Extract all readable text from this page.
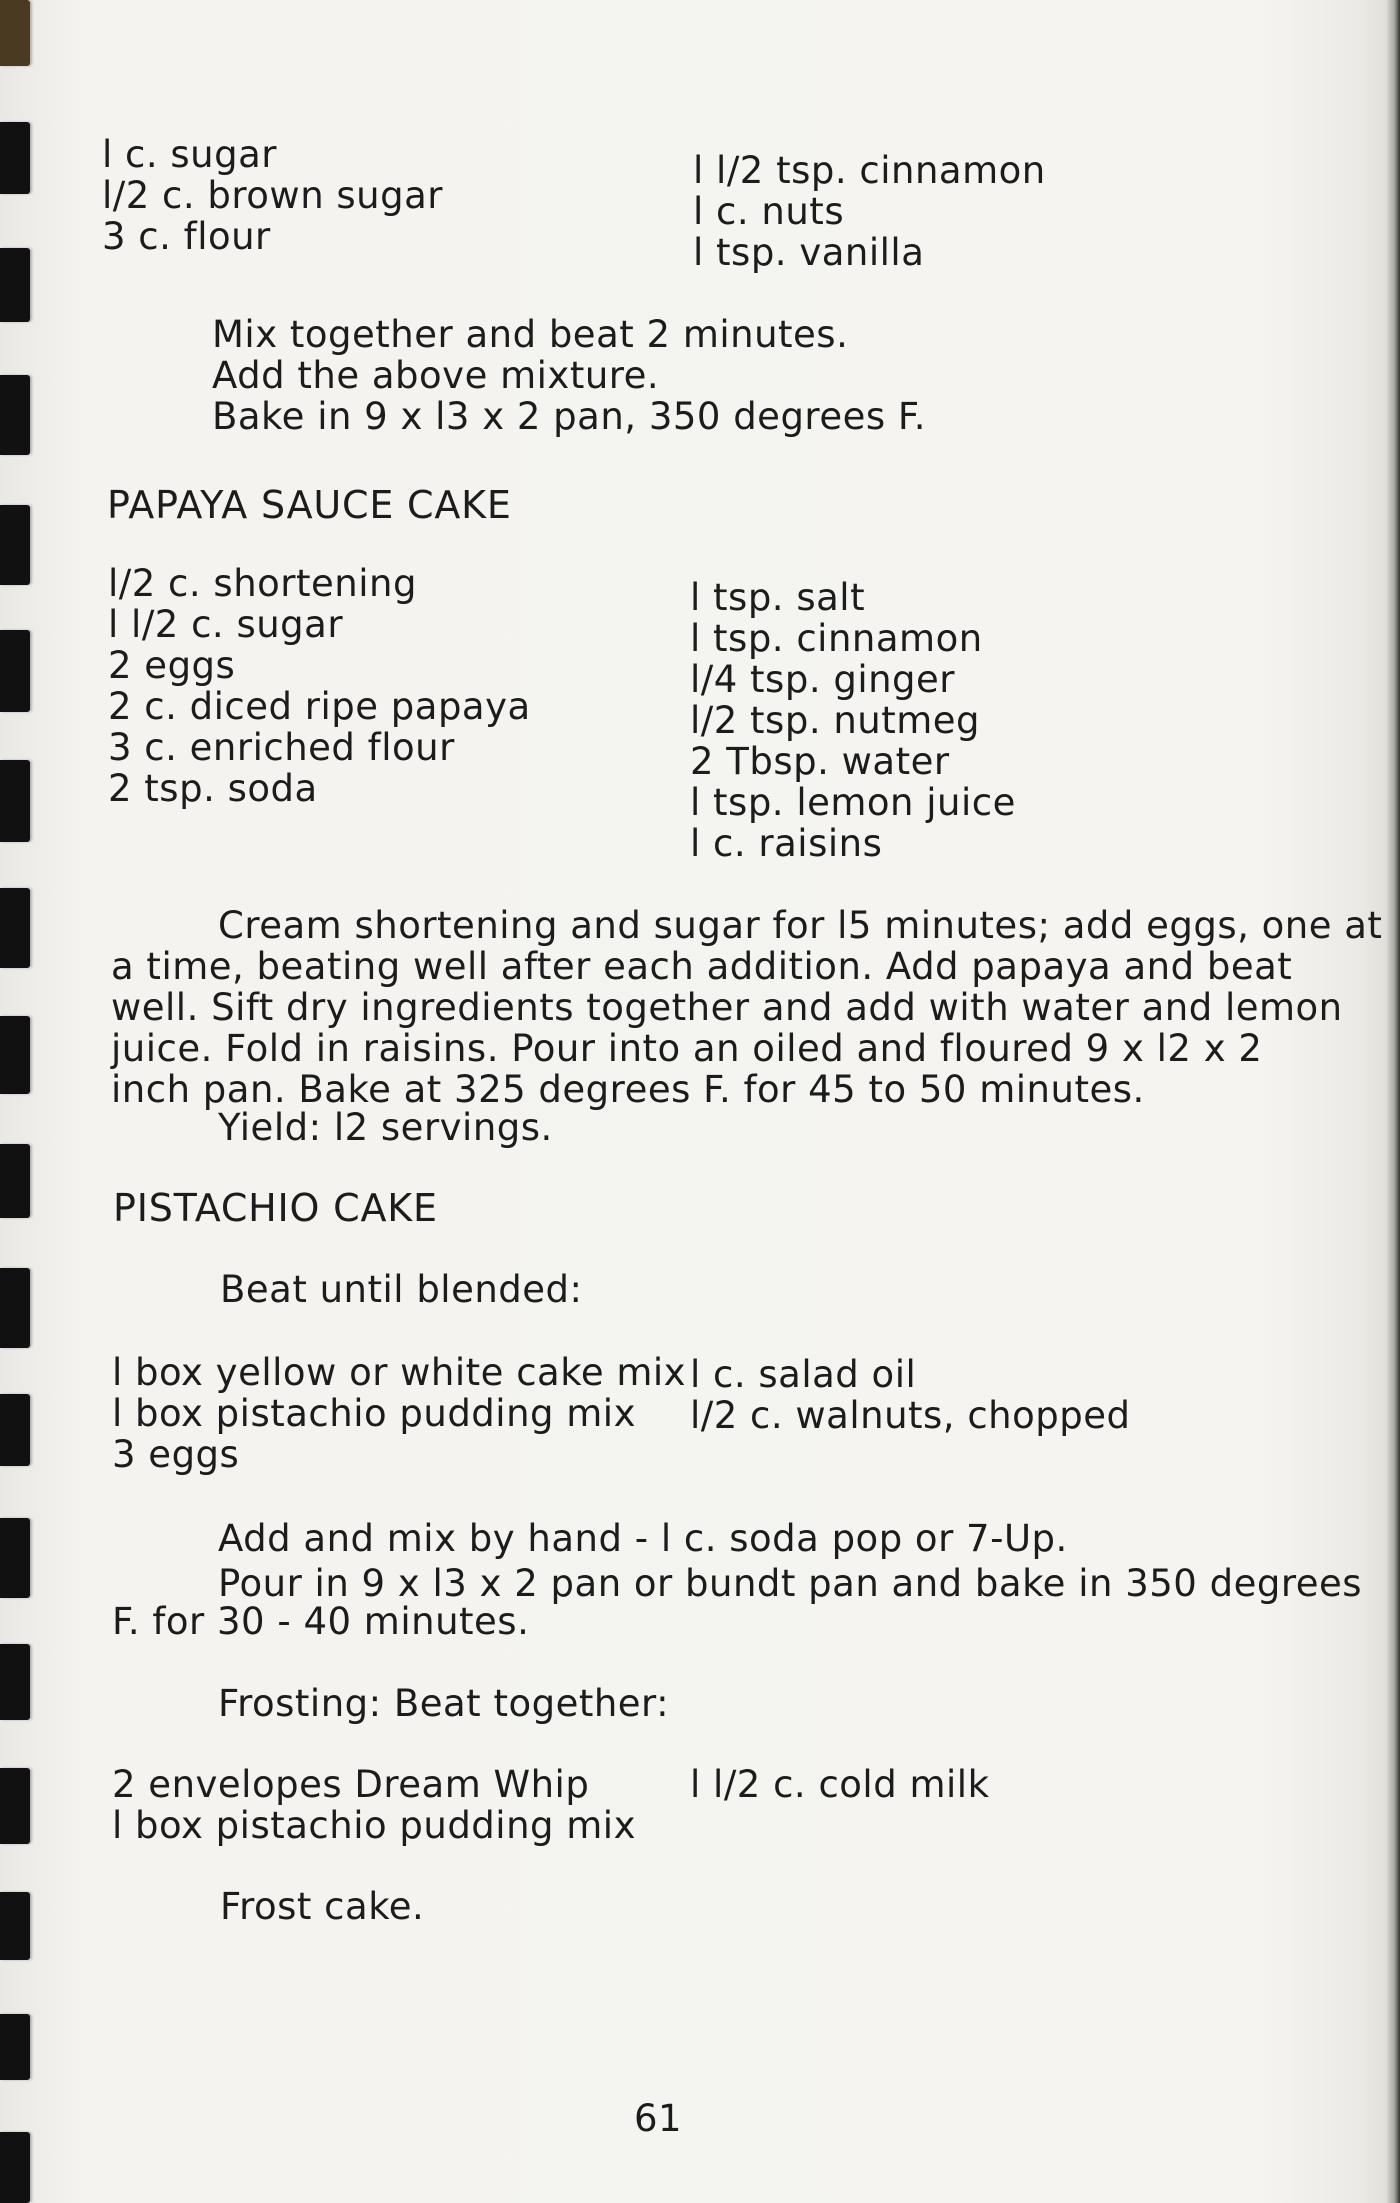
l c. sugar
l/2 c. brown sugar
3 c. flour
l l/2 tsp. cinnamon
l c. nuts
l tsp. vanilla
Mix together and beat 2 minutes.
Add the above mixture.
Bake in 9 x l3 x 2 pan, 350 degrees F.
PAPAYA SAUCE CAKE
l/2 c. shortening
l l/2 c. sugar
2 eggs
2 c. diced ripe papaya
3 c. enriched flour
2 tsp. soda
l tsp. salt
l tsp. cinnamon
l/4 tsp. ginger
l/2 tsp. nutmeg
2 Tbsp. water
l tsp. lemon juice
l c. raisins
Cream shortening and sugar for l5 minutes; add eggs, one at
a time, beating well after each addition. Add papaya and beat
well. Sift dry ingredients together and add with water and lemon
juice. Fold in raisins. Pour into an oiled and floured 9 x l2 x 2
inch pan. Bake at 325 degrees F. for 45 to 50 minutes.
Yield: l2 servings.
PISTACHIO CAKE
Beat until blended:
l box yellow or white cake mix
l box pistachio pudding mix
3 eggs
l c. salad oil
l/2 c. walnuts, chopped
Add and mix by hand - l c. soda pop or 7-Up.
Pour in 9 x l3 x 2 pan or bundt pan and bake in 350 degrees
F. for 30 - 40 minutes.
Frosting: Beat together:
2 envelopes Dream Whip
l box pistachio pudding mix
l l/2 c. cold milk
Frost cake.
61
